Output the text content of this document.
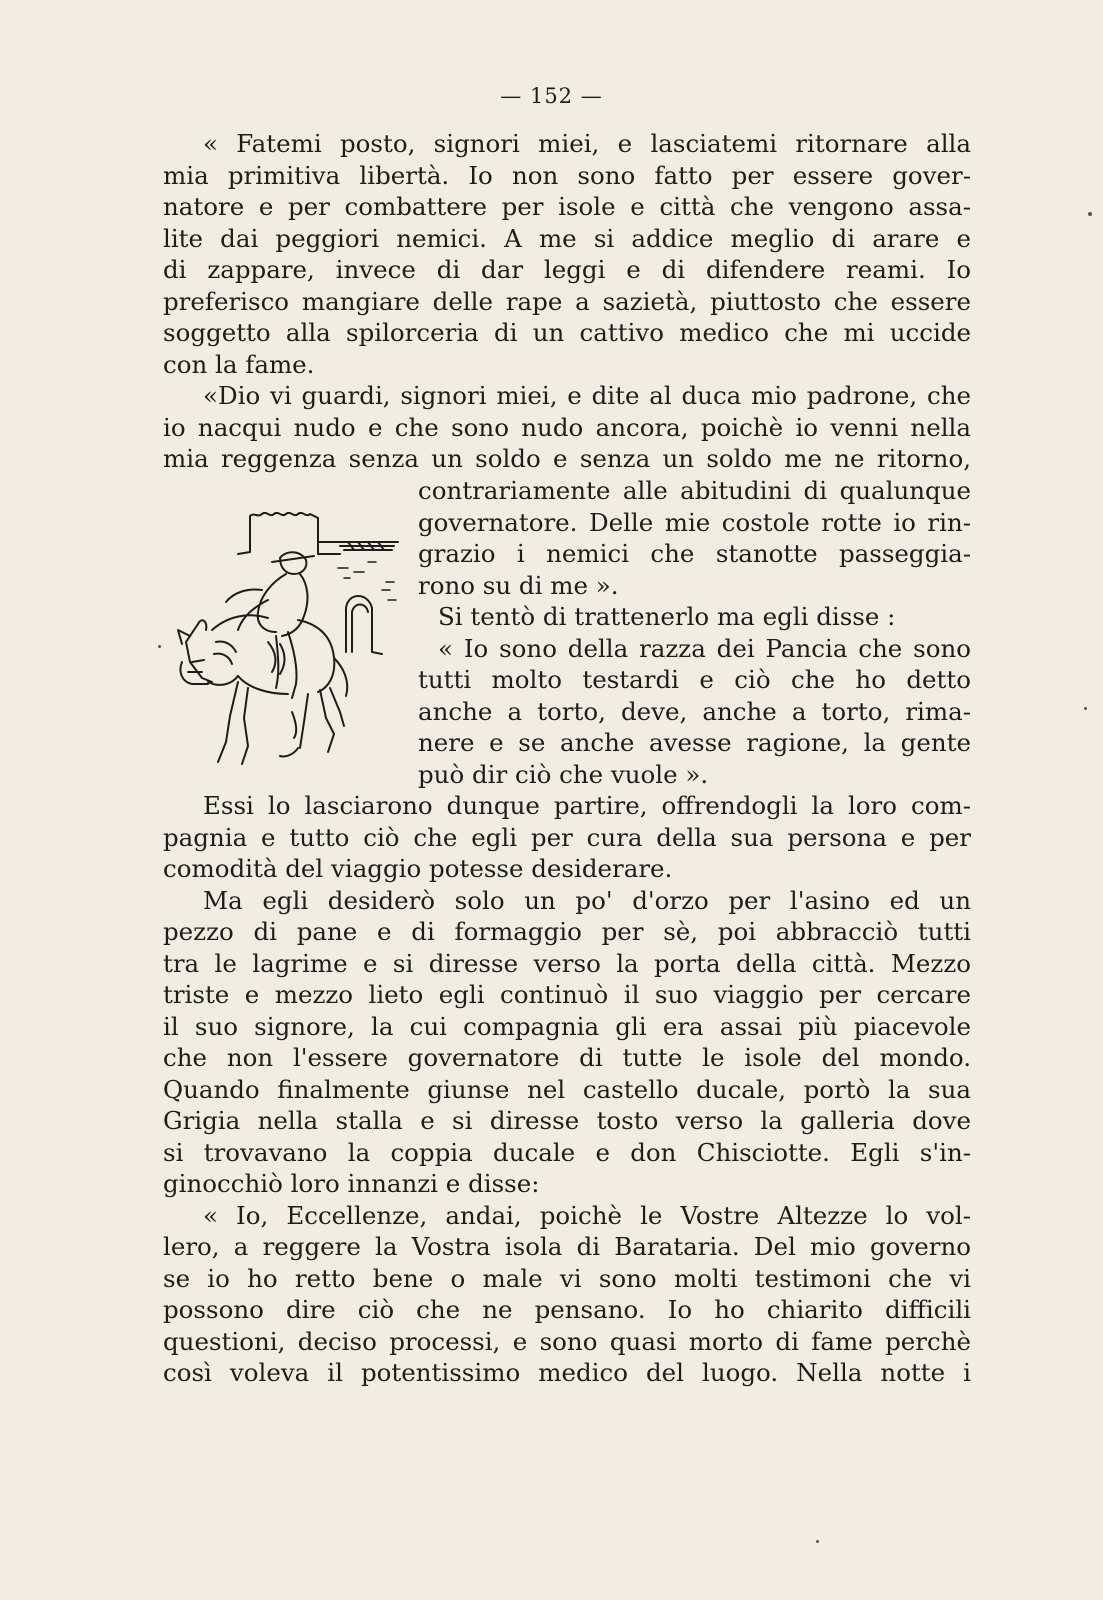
— 152 —
« Fatemi posto, signori miei, e lasciatemi ritornare alla
mia primitiva libertà. Io non sono fatto per essere gover-
natore e per combattere per isole e città che vengono assa-
lite dai peggiori nemici. A me si addice meglio di arare e
di zappare, invece di dar leggi e di difendere reami. Io
preferisco mangiare delle rape a sazietà, piuttosto che essere
soggetto alla spilorceria di un cattivo medico che mi uccide
con la fame.
«Dio vi guardi, signori miei, e dite al duca mio padrone, che
io nacqui nudo e che sono nudo ancora, poichè io venni nella
mia reggenza senza un soldo e senza un soldo me ne ritorno,
contrariamente alle abitudini di qualunque
governatore. Delle mie costole rotte io rin-
grazio i nemici che stanotte passeggia-
rono su di me ».
Si tentò di trattenerlo ma egli disse :
« Io sono della razza dei Pancia che sono
tutti molto testardi e ciò che ho detto
anche a torto, deve, anche a torto, rima-
nere e se anche avesse ragione, la gente
può dir ciò che vuole ».
Essi lo lasciarono dunque partire, offrendogli la loro com-
pagnia e tutto ciò che egli per cura della sua persona e per
comodità del viaggio potesse desiderare.
Ma egli desiderò solo un po' d'orzo per l'asino ed un
pezzo di pane e di formaggio per sè, poi abbracciò tutti
tra le lagrime e si diresse verso la porta della città. Mezzo
triste e mezzo lieto egli continuò il suo viaggio per cercare
il suo signore, la cui compagnia gli era assai più piacevole
che non l'essere governatore di tutte le isole del mondo.
Quando finalmente giunse nel castello ducale, portò la sua
Grigia nella stalla e si diresse tosto verso la galleria dove
si trovavano la coppia ducale e don Chisciotte. Egli s'in-
ginocchiò loro innanzi e disse:
« Io, Eccellenze, andai, poichè le Vostre Altezze lo vol-
lero, a reggere la Vostra isola di Barataria. Del mio governo
se io ho retto bene o male vi sono molti testimoni che vi
possono dire ciò che ne pensano. Io ho chiarito difficili
questioni, deciso processi, e sono quasi morto di fame perchè
così voleva il potentissimo medico del luogo. Nella notte i
